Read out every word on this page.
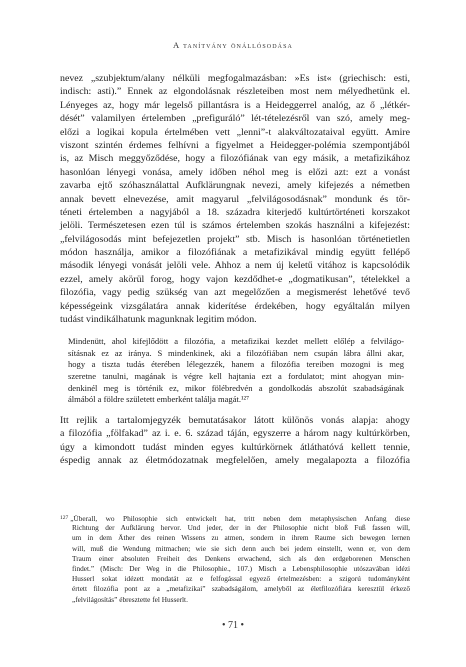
A tanítvány önállósodása
nevez „szubjektum/alany nélküli megfogalmazásban: »Es ist« (griechisch: esti,
indisch: asti).” Ennek az elgondolásnak részleteiben most nem mélyedhetünk el.
Lényeges az, hogy már legelső pillantásra is a Heideggerrel analóg, az ő „létkér-
dését” valamilyen értelemben „prefiguráló” lét-tételezésről van szó, amely meg-
előzi a logikai kopula értelmében vett „lenni”-t alakváltozataival együtt. Amire
viszont szintén érdemes felhívni a figyelmet a Heidegger-polémia szempontjából
is, az Misch meggyőződése, hogy a filozófiának van egy másik, a metafizikához
hasonlóan lényegi vonása, amely időben néhol meg is előzi azt: ezt a vonást
zavarba ejtő szóhasználattal Aufklärungnak nevezi, amely kifejezés a németben
annak bevett elnevezése, amit magyarul „felvilágosodásnak” mondunk és tör-
téneti értelemben a nagyjából a 18. századra kiterjedő kultúrtörténeti korszakot
jelöli. Természetesen ezen túl is számos értelemben szokás használni a kifejezést:
„felvilágosodás mint befejezetlen projekt” stb. Misch is hasonlóan történetietlen
módon használja, amikor a filozófiának a metafizikával mindig együtt fellépő
második lényegi vonását jelöli vele. Ahhoz a nem új keletű vitához is kapcsolódik
ezzel, amely akörül forog, hogy vajon kezdődhet-e „dogmatikusan”, tételekkel a
filozófia, vagy pedig szükség van azt megelőzően a megismerést lehetővé tevő
képességeink vizsgálatára annak kiderítése érdekében, hogy egyáltalán milyen
tudást vindikálhatunk magunknak legitim módon.
Mindenütt, ahol kifejlődött a filozófia, a metafizikai kezdet mellett előlép a felvilágo-
sításnak ez az iránya. S mindenkinek, aki a filozófiában nem csupán lábra állni akar,
hogy a tiszta tudás éterében lélegezzék, hanem a filozófia tereiben mozogni is meg
szeretne tanulni, magának is végre kell hajtania ezt a fordulatot; mint ahogyan min-
denkinél meg is történik ez, mikor fölébredvén a gondolkodás abszolút szabadságának
álmából a földre született emberként találja magát.¹²⁷
Itt rejlik a tartalomjegyzék bemutatásakor látott különös vonás alapja: ahogy
a filozófia „fölfakad” az i. e. 6. század táján, egyszerre a három nagy kultúrkörben,
úgy a kimondott tudást minden egyes kultúrkörnek átláthatóvá kellett tennie,
éspedig annak az életmódozatnak megfelelően, amely megalapozta a filozófia
$^{127}$ „Überall, wo Philosophie sich entwickelt hat, tritt neben dem metaphysischen Anfang diese
Richtung der Aufklärung hervor. Und jeder, der in der Philosophie nicht bloß Fuß fassen will,
um in dem Äther des reinen Wissens zu atmen, sondern in ihrem Raume sich bewegen lernen
will, muß die Wendung mitmachen; wie sie sich denn auch bei jedem einstellt, wenn er, von dem
Traum einer absoluten Freiheit des Denkens erwachend, sich als den erdgeborenen Menschen
findet.” (Misch: Der Weg in die Philosophie., 107.) Misch a Lebensphilosophie utószavában idézi
Husserl sokat idézett mondatát az e felfogással egyező értelmezésben: a szigorú tudományként
értett filozófia pont az a „metafizikai” szabadságálom, amelyből az életfilozófiára keresztül érkező
„felvilágosítás” ébresztette fel Husserlt.
• 71 •
